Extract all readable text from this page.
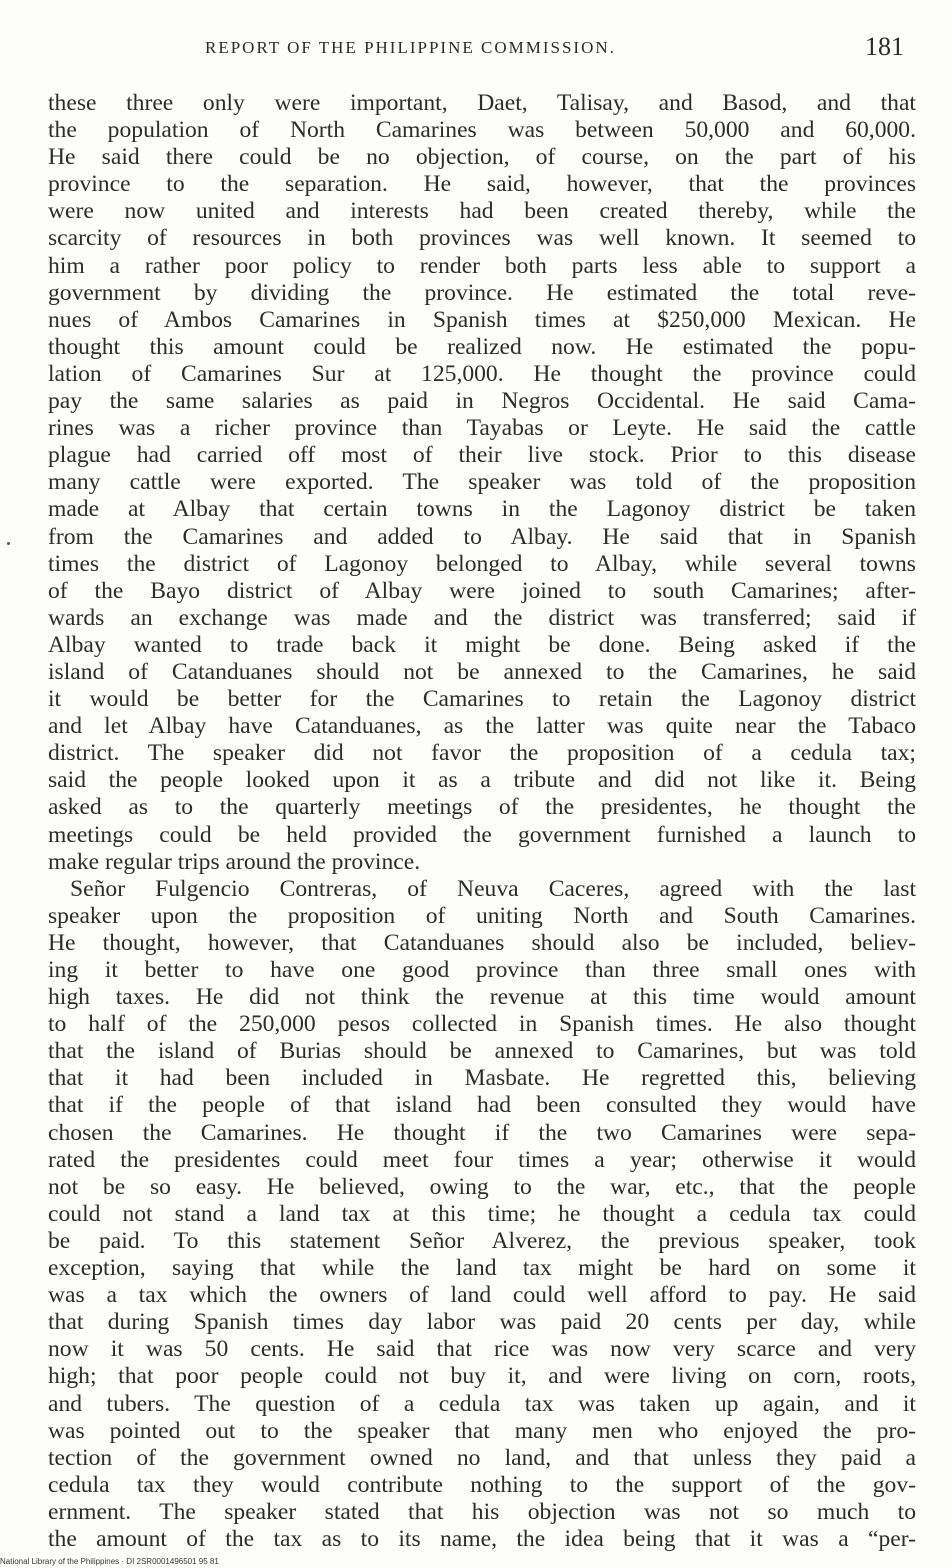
REPORT OF THE PHILIPPINE COMMISSION.	181
these three only were important, Daet, Talisay, and Basod, and that
the population of North Camarines was between 50,000 and 60,000.
He said there could be no objection, of course, on the part of his
province to the separation. He said, however, that the provinces
were now united and interests had been created thereby, while the
scarcity of resources in both provinces was well known. It seemed to
him a rather poor policy to render both parts less able to support a
government by dividing the province. He estimated the total reve-
nues of Ambos Camarines in Spanish times at $250,000 Mexican. He
thought this amount could be realized now. He estimated the popu-
lation of Camarines Sur at 125,000. He thought the province could
pay the same salaries as paid in Negros Occidental. He said Cama-
rines was a richer province than Tayabas or Leyte. He said the cattle
plague had carried off most of their live stock. Prior to this disease
many cattle were exported. The speaker was told of the proposition
made at Albay that certain towns in the Lagonoy district be taken
from the Camarines and added to Albay. He said that in Spanish
times the district of Lagonoy belonged to Albay, while several towns
of the Bayo district of Albay were joined to south Camarines; after-
wards an exchange was made and the district was transferred; said if
Albay wanted to trade back it might be done. Being asked if the
island of Catanduanes should not be annexed to the Camarines, he said
it would be better for the Camarines to retain the Lagonoy district
and let Albay have Catanduanes, as the latter was quite near the Tabaco
district. The speaker did not favor the proposition of a cedula tax;
said the people looked upon it as a tribute and did not like it. Being
asked as to the quarterly meetings of the presidentes, he thought the
meetings could be held provided the government furnished a launch to
make regular trips around the province.
Señor Fulgencio Contreras, of Neuva Caceres, agreed with the last
speaker upon the proposition of uniting North and South Camarines.
He thought, however, that Catanduanes should also be included, believ-
ing it better to have one good province than three small ones with
high taxes. He did not think the revenue at this time would amount
to half of the 250,000 pesos collected in Spanish times. He also thought
that the island of Burias should be annexed to Camarines, but was told
that it had been included in Masbate. He regretted this, believing
that if the people of that island had been consulted they would have
chosen the Camarines. He thought if the two Camarines were sepa-
rated the presidentes could meet four times a year; otherwise it would
not be so easy. He believed, owing to the war, etc., that the people
could not stand a land tax at this time; he thought a cedula tax could
be paid. To this statement Señor Alverez, the previous speaker, took
exception, saying that while the land tax might be hard on some it
was a tax which the owners of land could well afford to pay. He said
that during Spanish times day labor was paid 20 cents per day, while
now it was 50 cents. He said that rice was now very scarce and very
high; that poor people could not buy it, and were living on corn, roots,
and tubers. The question of a cedula tax was taken up again, and it
was pointed out to the speaker that many men who enjoyed the pro-
tection of the government owned no land, and that unless they paid a
cedula tax they would contribute nothing to the support of the gov-
ernment. The speaker stated that his objection was not so much to
the amount of the tax as to its name, the idea being that it was a “per-
National Library of the Philippines · DI 2SR0001496501 95 81
